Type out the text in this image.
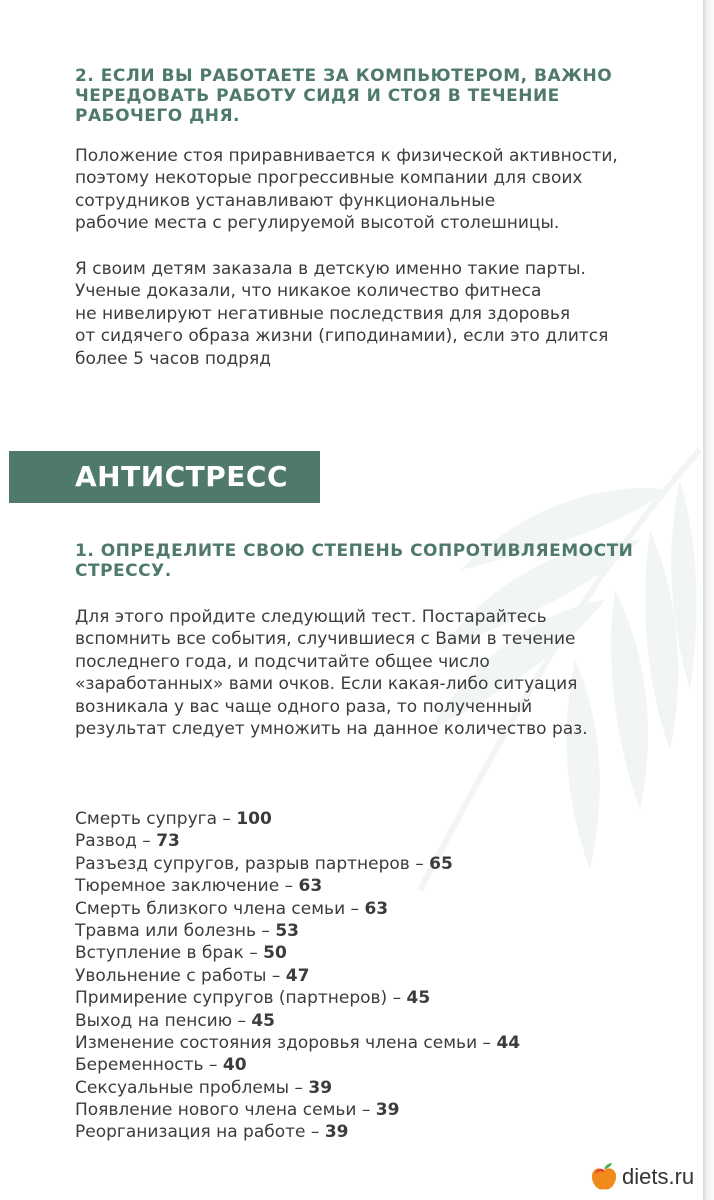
2. ЕСЛИ ВЫ РАБОТАЕТЕ ЗА КОМПЬЮТЕРОМ, ВАЖНО ЧЕРЕДОВАТЬ РАБОТУ СИДЯ И СТОЯ В ТЕЧЕНИЕ РАБОЧЕГО ДНЯ.
Положение стоя приравнивается к физической активности,
поэтому некоторые прогрессивные компании для своих
сотрудников устанавливают функциональные
рабочие места с регулируемой высотой столешницы.
Я своим детям заказала в детскую именно такие парты.
Ученые доказали, что никакое количество фитнеса
не нивелируют негативные последствия для здоровья
от сидячего образа жизни (гиподинамии), если это длится
более 5 часов подряд
АНТИСТРЕСС
1. ОПРЕДЕЛИТЕ СВОЮ СТЕПЕНЬ СОПРОТИВЛЯЕМОСТИ СТРЕССУ.
Для этого пройдите следующий тест. Постарайтесь
вспомнить все события, случившиеся с Вами в течение
последнего года, и подсчитайте общее число
«заработанных» вами очков. Если какая-либо ситуация
возникала у вас чаще одного раза, то полученный
результат следует умножить на данное количество раз.
Смерть супруга – 100
Развод – 73
Разъезд супругов, разрыв партнеров – 65
Тюремное заключение – 63
Смерть близкого члена семьи – 63
Травма или болезнь – 53
Вступление в брак – 50
Увольнение с работы – 47
Примирение супругов (партнеров) – 45
Выход на пенсию – 45
Изменение состояния здоровья члена семьи – 44
Беременность – 40
Сексуальные проблемы – 39
Появление нового члена семьи – 39
Реорганизация на работе – 39
diets.ru
